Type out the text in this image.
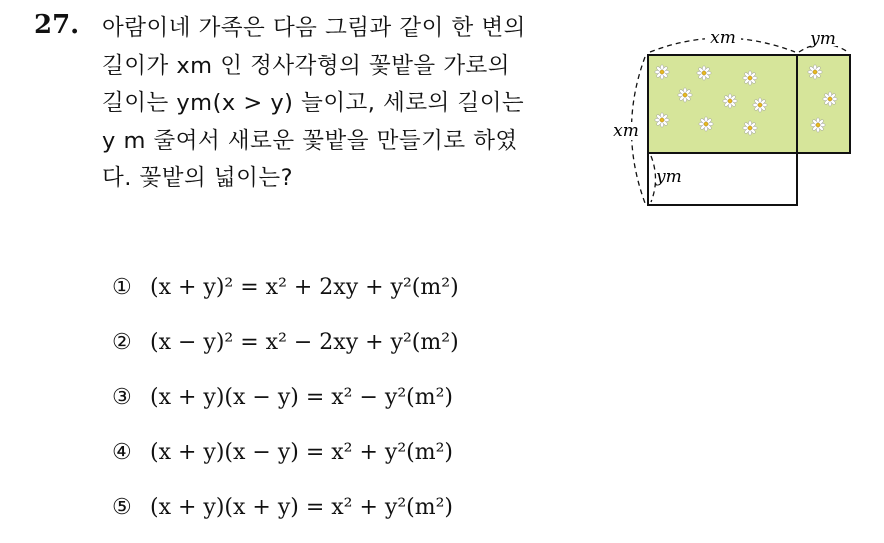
27. 아람이네 가족은 다음 그림과 같이 한 변의
길이가 xm 인 정사각형의 꽃밭을 가로의
길이는 ym(x > y) 늘이고, 세로의 길이는
y m 줄여서 새로운 꽃밭을 만들기로 하였
다. 꽃밭의 넓이는?
xm	ym
xm
ym
① (x + y)² = x² + 2xy + y²(m²)
② (x − y)² = x² − 2xy + y²(m²)
③ (x + y)(x − y) = x² − y²(m²)
④ (x + y)(x − y) = x² + y²(m²)
⑤ (x + y)(x + y) = x² + y²(m²)
